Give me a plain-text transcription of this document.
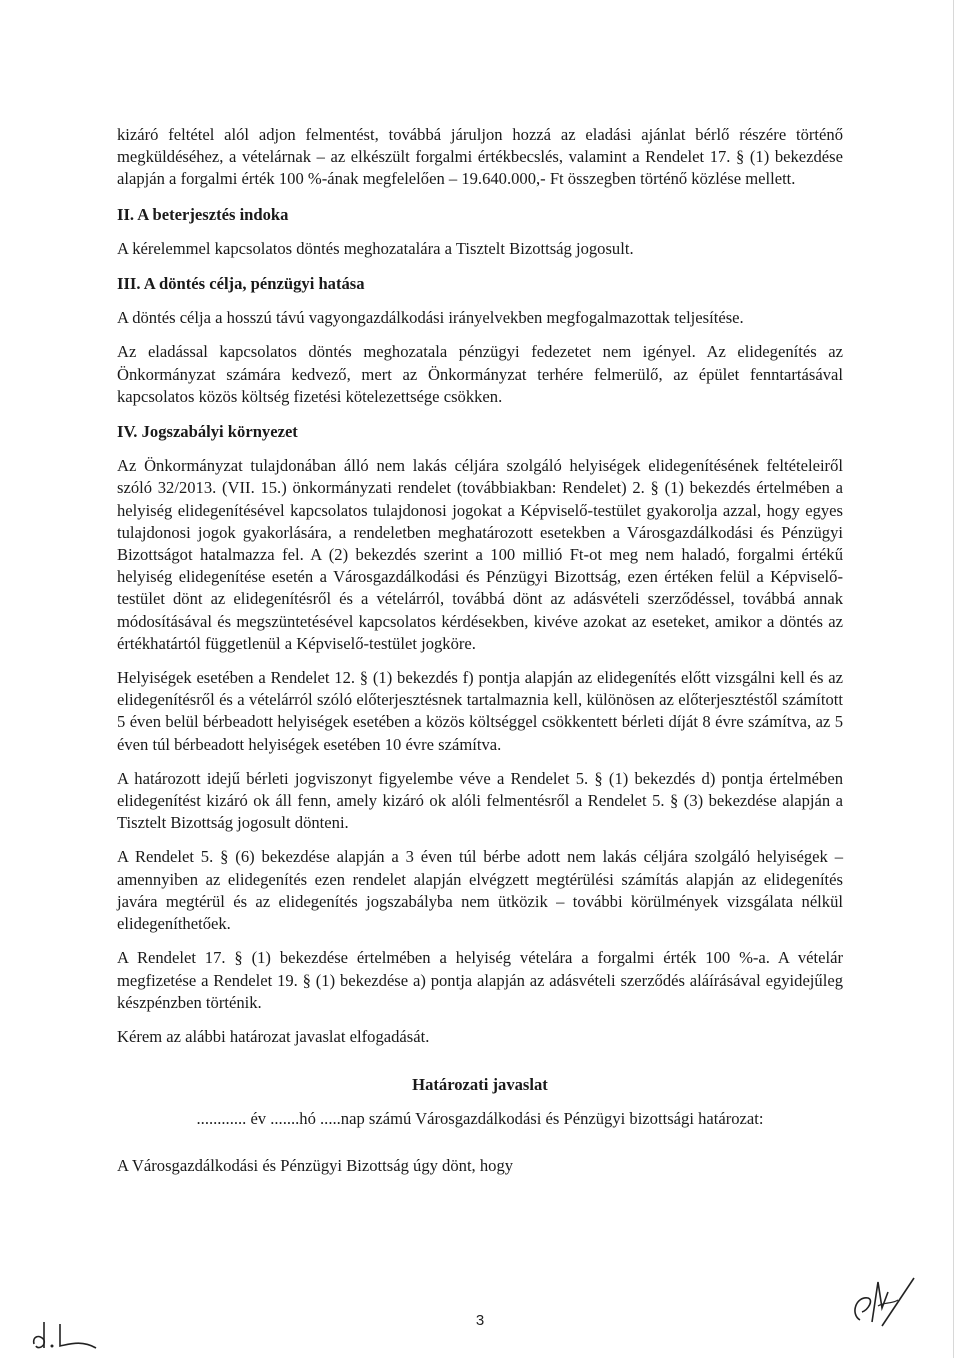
kizáró feltétel alól adjon felmentést, továbbá járuljon hozzá az eladási ajánlat bérlő részére történő megküldéséhez, a vételárnak – az elkészült forgalmi értékbecslés, valamint a Rendelet 17. § (1) bekezdése alapján a forgalmi érték 100 %-ának megfelelően – 19.640.000,- Ft összegben történő közlése mellett.

II. A beterjesztés indoka

A kérelemmel kapcsolatos döntés meghozatalára a Tisztelt Bizottság jogosult.

III. A döntés célja, pénzügyi hatása

A döntés célja a hosszú távú vagyongazdálkodási irányelvekben megfogalmazottak teljesítése.

Az eladással kapcsolatos döntés meghozatala pénzügyi fedezetet nem igényel. Az elidegenítés az Önkormányzat számára kedvező, mert az Önkormányzat terhére felmerülő, az épület fenntartásával kapcsolatos közös költség fizetési kötelezettsége csökken.

IV. Jogszabályi környezet

Az Önkormányzat tulajdonában álló nem lakás céljára szolgáló helyiségek elidegenítésének feltételeiről szóló 32/2013. (VII. 15.) önkormányzati rendelet (továbbiakban: Rendelet) 2. § (1) bekezdés értelmében a helyiség elidegenítésével kapcsolatos tulajdonosi jogokat a Képviselő-testület gyakorolja azzal, hogy egyes tulajdonosi jogok gyakorlására, a rendeletben meghatározott esetekben a Városgazdálkodási és Pénzügyi Bizottságot hatalmazza fel. A (2) bekezdés szerint a 100 millió Ft-ot meg nem haladó, forgalmi értékű helyiség elidegenítése esetén a Városgazdálkodási és Pénzügyi Bizottság, ezen értéken felül a Képviselő-testület dönt az elidegenítésről és a vételárról, továbbá dönt az adásvételi szerződéssel, továbbá annak módosításával és megszüntetésével kapcsolatos kérdésekben, kivéve azokat az eseteket, amikor a döntés az értékhatártól függetlenül a Képviselő-testület jogköre.

Helyiségek esetében a Rendelet 12. § (1) bekezdés f) pontja alapján az elidegenítés előtt vizsgálni kell és az elidegenítésről és a vételárról szóló előterjesztésnek tartalmaznia kell, különösen az előterjesztéstől számított 5 éven belül bérbeadott helyiségek esetében a közös költséggel csökkentett bérleti díját 8 évre számítva, az 5 éven túl bérbeadott helyiségek esetében 10 évre számítva.

A határozott idejű bérleti jogviszonyt figyelembe véve a Rendelet 5. § (1) bekezdés d) pontja értelmében elidegenítést kizáró ok áll fenn, amely kizáró ok alóli felmentésről a Rendelet 5. § (3) bekezdése alapján a Tisztelt Bizottság jogosult dönteni.

A Rendelet 5. § (6) bekezdése alapján a 3 éven túl bérbe adott nem lakás céljára szolgáló helyiségek – amennyiben az elidegenítés ezen rendelet alapján elvégzett megtérülési számítás alapján az elidegenítés javára megtérül és az elidegenítés jogszabályba nem ütközik – további körülmények vizsgálata nélkül elidegeníthetőek.

A Rendelet 17. § (1) bekezdése értelmében a helyiség vételára a forgalmi érték 100 %-a. A vételár megfizetése a Rendelet 19. § (1) bekezdése a) pontja alapján az adásvételi szerződés aláírásával egyidejűleg készpénzben történik.

Kérem az alábbi határozat javaslat elfogadását.

Határozati javaslat

............ év .......hó .....nap számú Városgazdálkodási és Pénzügyi bizottsági határozat:

A Városgazdálkodási és Pénzügyi Bizottság úgy dönt, hogy

3
